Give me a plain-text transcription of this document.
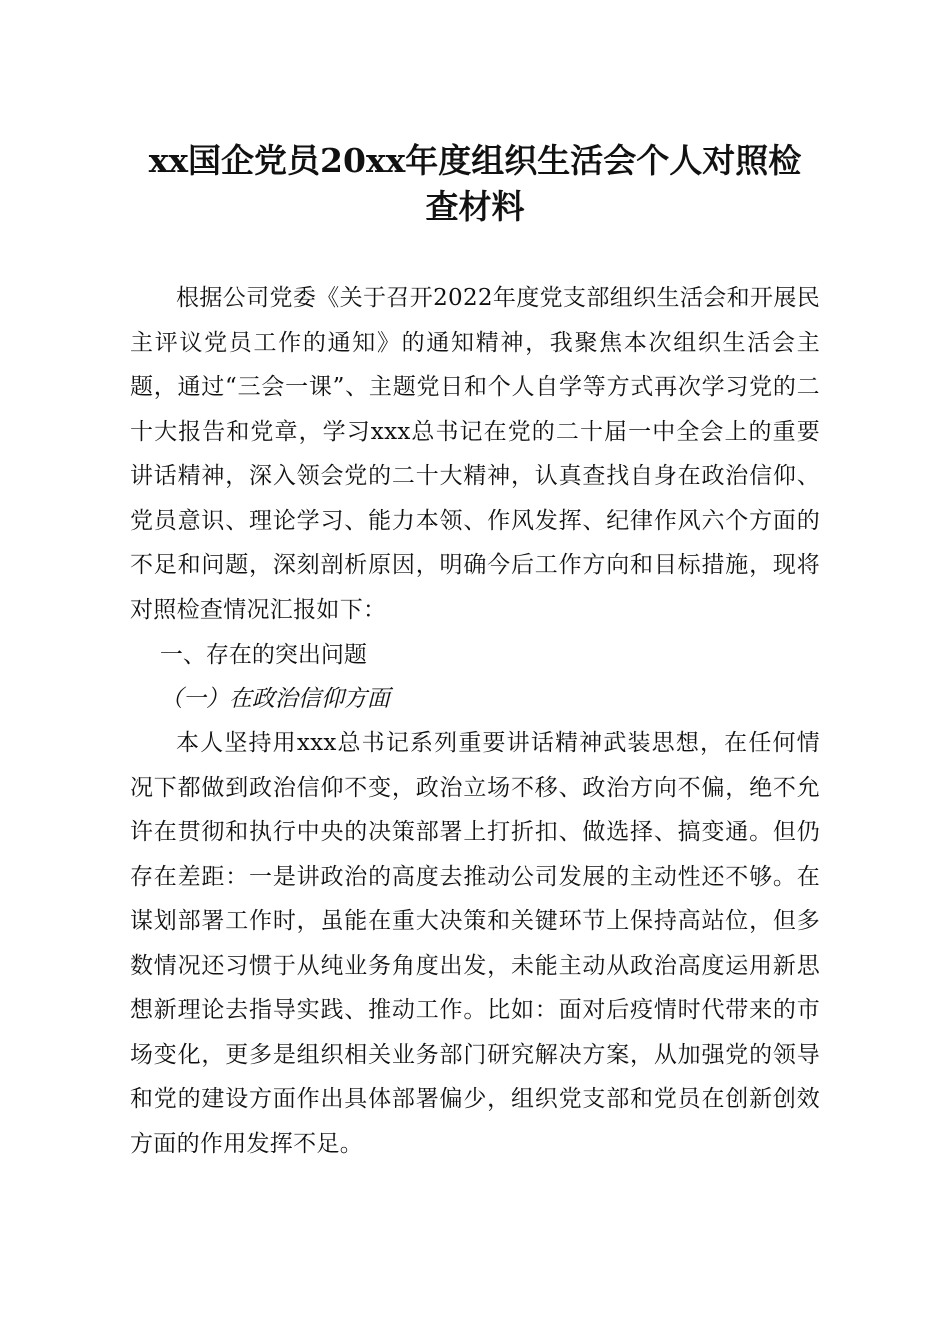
xx国企党员20xx年度组织生活会个人对照检
查材料

根据公司党委《关于召开2022年度党支部组织生活会和开展民主评议党员工作的通知》的通知精神，我聚焦本次组织生活会主题，通过“三会一课”、主题党日和个人自学等方式再次学习党的二十大报告和党章，学习xxx总书记在党的二十届一中全会上的重要讲话精神，深入领会党的二十大精神，认真查找自身在政治信仰、党员意识、理论学习、能力本领、作风发挥、纪律作风六个方面的不足和问题，深刻剖析原因，明确今后工作方向和目标措施，现将对照检查情况汇报如下：

一、存在的突出问题

（一）在政治信仰方面

本人坚持用xxx总书记系列重要讲话精神武装思想，在任何情况下都做到政治信仰不变，政治立场不移、政治方向不偏，绝不允许在贯彻和执行中央的决策部署上打折扣、做选择、搞变通。但仍存在差距：一是讲政治的高度去推动公司发展的主动性还不够。在谋划部署工作时，虽能在重大决策和关键环节上保持高站位，但多数情况还习惯于从纯业务角度出发，未能主动从政治高度运用新思想新理论去指导实践、推动工作。比如：面对后疫情时代带来的市场变化，更多是组织相关业务部门研究解决方案，从加强党的领导和党的建设方面作出具体部署偏少，组织党支部和党员在创新创效方面的作用发挥不足。
